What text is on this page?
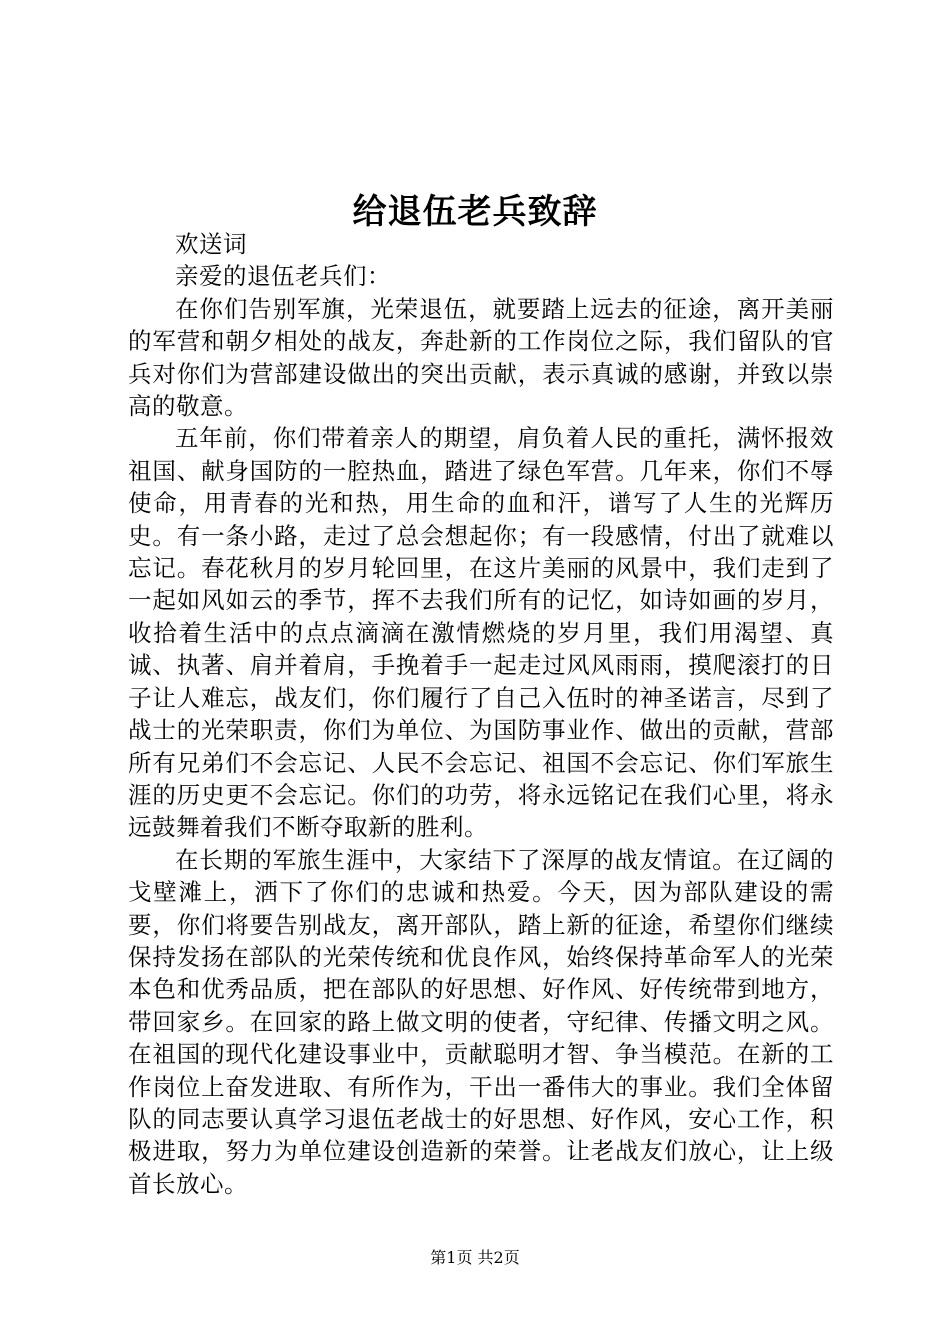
给退伍老兵致辞

欢送词

亲爱的退伍老兵们：

在你们告别军旗，光荣退伍，就要踏上远去的征途，离开美丽的军营和朝夕相处的战友，奔赴新的工作岗位之际，我们留队的官兵对你们为营部建设做出的突出贡献，表示真诚的感谢，并致以崇高的敬意。

五年前，你们带着亲人的期望，肩负着人民的重托，满怀报效祖国、献身国防的一腔热血，踏进了绿色军营。几年来，你们不辱使命，用青春的光和热，用生命的血和汗，谱写了人生的光辉历史。有一条小路，走过了总会想起你；有一段感情，付出了就难以忘记。春花秋月的岁月轮回里，在这片美丽的风景中，我们走到了一起如风如云的季节，挥不去我们所有的记忆，如诗如画的岁月，收拾着生活中的点点滴滴在激情燃烧的岁月里，我们用渴望、真诚、执著、肩并着肩，手挽着手一起走过风风雨雨，摸爬滚打的日子让人难忘，战友们，你们履行了自己入伍时的神圣诺言，尽到了战士的光荣职责，你们为单位、为国防事业作、做出的贡献，营部所有兄弟们不会忘记、人民不会忘记、祖国不会忘记、你们军旅生涯的历史更不会忘记。你们的功劳，将永远铭记在我们心里，将永远鼓舞着我们不断夺取新的胜利。

在长期的军旅生涯中，大家结下了深厚的战友情谊。在辽阔的戈壁滩上，洒下了你们的忠诚和热爱。今天，因为部队建设的需要，你们将要告别战友，离开部队，踏上新的征途，希望你们继续保持发扬在部队的光荣传统和优良作风，始终保持革命军人的光荣本色和优秀品质，把在部队的好思想、好作风、好传统带到地方，带回家乡。在回家的路上做文明的使者，守纪律、传播文明之风。在祖国的现代化建设事业中，贡献聪明才智、争当模范。在新的工作岗位上奋发进取、有所作为，干出一番伟大的事业。我们全体留队的同志要认真学习退伍老战士的好思想、好作风，安心工作，积极进取，努力为单位建设创造新的荣誉。让老战友们放心，让上级首长放心。

第1页 共2页
